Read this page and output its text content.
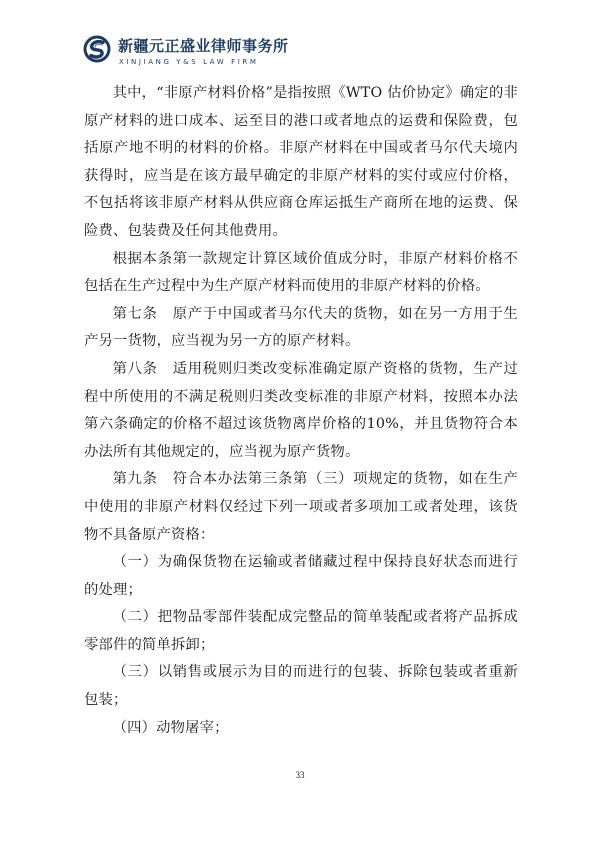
新疆元正盛业律师事务所
XINJIANG Y&S LAW FIRM

其中，“非原产材料价格”是指按照《WTO 估价协定》确定的非原产材料的进口成本、运至目的港口或者地点的运费和保险费，包括原产地不明的材料的价格。非原产材料在中国或者马尔代夫境内获得时，应当是在该方最早确定的非原产材料的实付或应付价格，不包括将该非原产材料从供应商仓库运抵生产商所在地的运费、保险费、包装费及任何其他费用。

根据本条第一款规定计算区域价值成分时，非原产材料价格不包括在生产过程中为生产原产材料而使用的非原产材料的价格。

第七条　原产于中国或者马尔代夫的货物，如在另一方用于生产另一货物，应当视为另一方的原产材料。

第八条　适用税则归类改变标准确定原产资格的货物，生产过程中所使用的不满足税则归类改变标准的非原产材料，按照本办法第六条确定的价格不超过该货物离岸价格的10%，并且货物符合本办法所有其他规定的，应当视为原产货物。

第九条　符合本办法第三条第（三）项规定的货物，如在生产中使用的非原产材料仅经过下列一项或者多项加工或者处理，该货物不具备原产资格：

（一）为确保货物在运输或者储藏过程中保持良好状态而进行的处理；

（二）把物品零部件装配成完整品的简单装配或者将产品拆成零部件的简单拆卸；

（三）以销售或展示为目的而进行的包装、拆除包装或者重新包装；

（四）动物屠宰；

33
